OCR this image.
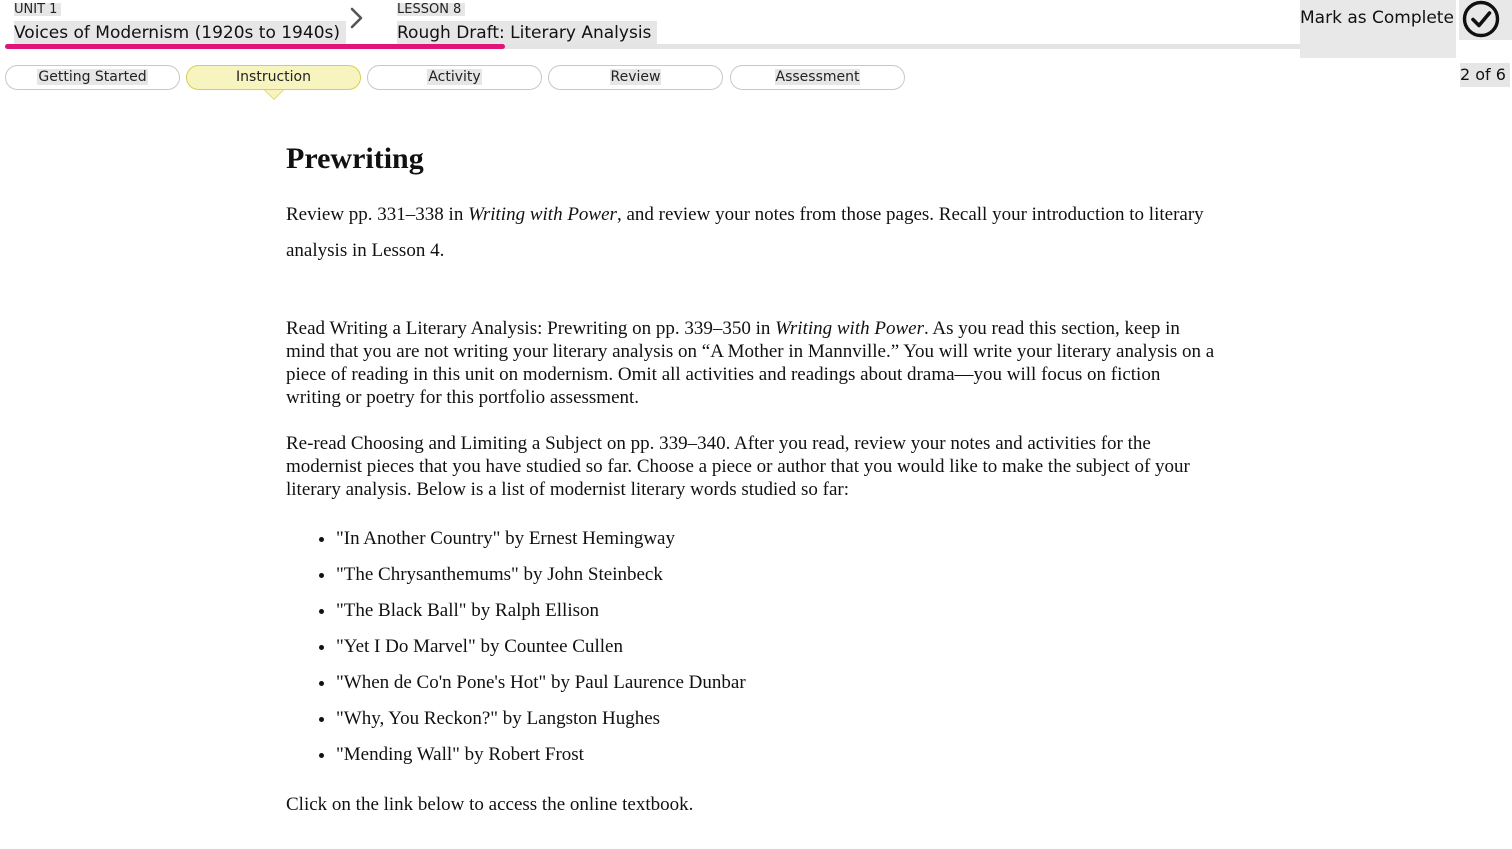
UNIT 1
Voices of Modernism (1920s to 1940s)
LESSON 8
Rough Draft: Literary Analysis
Mark as Complete
2 of 6
Getting Started	Instruction	Activity	Review	Assessment
Prewriting

Review pp. 331–338 in Writing with Power, and review your notes from those pages. Recall your introduction to literary analysis in Lesson 4.

Read Writing a Literary Analysis: Prewriting on pp. 339–350 in Writing with Power. As you read this section, keep in mind that you are not writing your literary analysis on “A Mother in Mannville.” You will write your literary analysis on a piece of reading in this unit on modernism. Omit all activities and readings about drama—you will focus on fiction writing or poetry for this portfolio assessment.

Re-read Choosing and Limiting a Subject on pp. 339–340. After you read, review your notes and activities for the modernist pieces that you have studied so far. Choose a piece or author that you would like to make the subject of your literary analysis. Below is a list of modernist literary words studied so far:

• "In Another Country" by Ernest Hemingway
• "The Chrysanthemums" by John Steinbeck
• "The Black Ball" by Ralph Ellison
• "Yet I Do Marvel" by Countee Cullen
• "When de Co'n Pone's Hot" by Paul Laurence Dunbar
• "Why, You Reckon?" by Langston Hughes
• "Mending Wall" by Robert Frost

Click on the link below to access the online textbook.
